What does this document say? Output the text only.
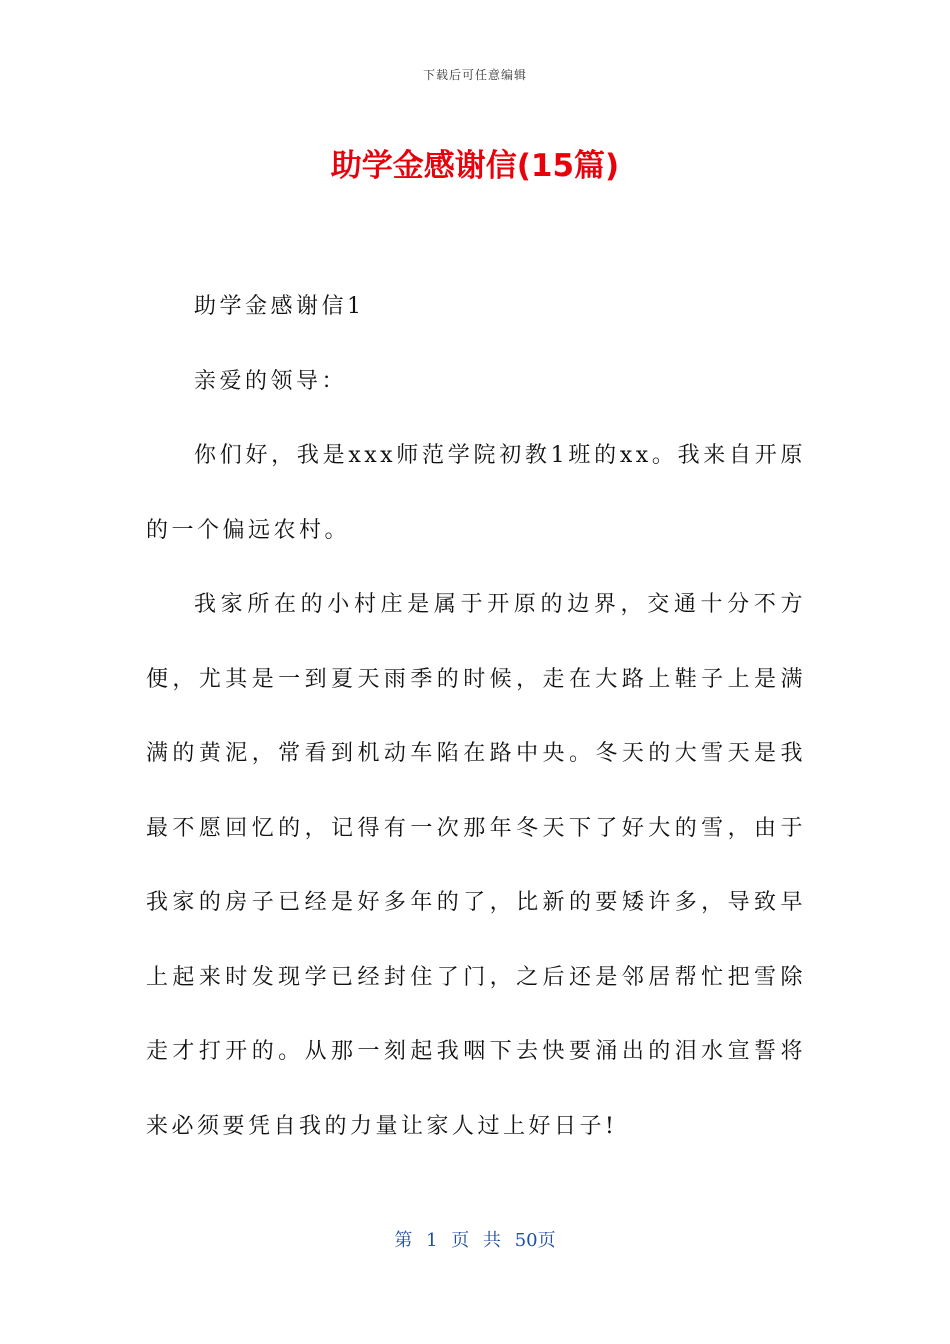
下载后可任意编辑
助学金感谢信(15篇)

助学金感谢信1

亲爱的领导：

你们好，我是xxx师范学院初教1班的xx。我来自开原的一个偏远农村。

我家所在的小村庄是属于开原的边界，交通十分不方便，尤其是一到夏天雨季的时候，走在大路上鞋子上是满满的黄泥，常看到机动车陷在路中央。冬天的大雪天是我最不愿回忆的，记得有一次那年冬天下了好大的雪，由于我家的房子已经是好多年的了，比新的要矮许多，导致早上起来时发现学已经封住了门，之后还是邻居帮忙把雪除走才打开的。从那一刻起我咽下去快要涌出的泪水宣誓将来必须要凭自我的力量让家人过上好日子!

第 1 页 共 50页
